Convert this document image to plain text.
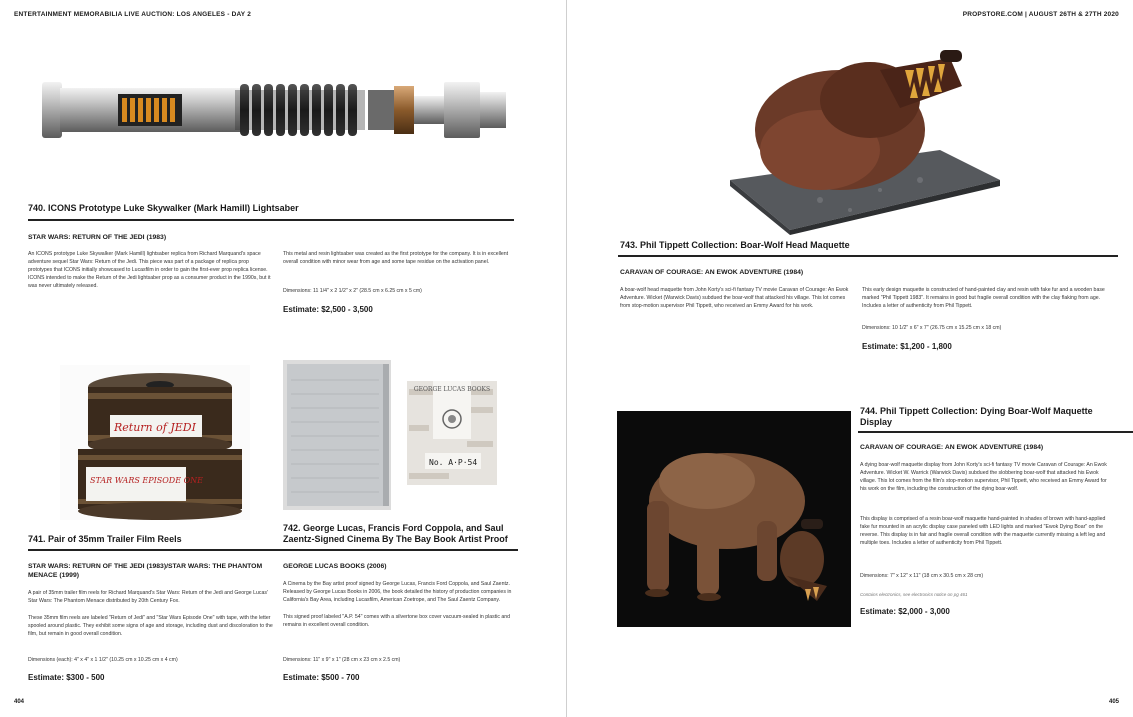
ENTERTAINMENT MEMORABILIA LIVE AUCTION: LOS ANGELES - DAY 2	PROPSTORE.COM | AUGUST 26TH & 27TH 2020
740. ICONS Prototype Luke Skywalker (Mark Hamill) Lightsaber
STAR WARS: RETURN OF THE JEDI (1983)
An ICONS prototype Luke Skywalker (Mark Hamill) lightsaber replica from Richard Marquand's space adventure sequel Star Wars: Return of the Jedi. This piece was part of a package of replica prop prototypes that ICONS initially showcased to Lucasfilm in order to gain the first-ever prop replica license. ICONS intended to make the Return of the Jedi lightsaber prop as a consumer product in the 1990s, but it was never ultimately released.
This metal and resin lightsaber was created as the first prototype for the company. It is in excellent overall condition with minor wear from age and some tape residue on the activation panel.
Dimensions: 11 1/4" x 2 1/2" x 2" (28.5 cm x 6.25 cm x 5 cm)
Estimate: $2,500 - 3,500
Return of JEDI
STAR WARS EPISODE ONE
741. Pair of 35mm Trailer Film Reels
STAR WARS: RETURN OF THE JEDI (1983)/STAR WARS: THE PHANTOM MENACE (1999)
A pair of 35mm trailer film reels for Richard Marquand's Star Wars: Return of the Jedi and George Lucas' Star Wars: The Phantom Menace distributed by 20th Century Fox.
These 35mm film reels are labeled "Return of Jedi" and "Star Wars Episode One" with tape, with the letter spooled around plastic. They exhibit some signs of age and storage, including dust and discoloration to the film, but remain in good overall condition.
Dimensions (each): 4" x 4" x 1 1/2" (10.25 cm x 10.25 cm x 4 cm)
Estimate: $300 - 500
GEORGE LUCAS BOOKS
No. A·P·54
742. George Lucas, Francis Ford Coppola, and Saul Zaentz-Signed Cinema By The Bay Book Artist Proof
GEORGE LUCAS BOOKS (2006)
A Cinema by the Bay artist proof signed by George Lucas, Francis Ford Coppola, and Saul Zaentz. Released by George Lucas Books in 2006, the book detailed the history of production companies in California's Bay Area, including Lucasfilm, American Zoetrope, and The Saul Zaentz Company.
This signed proof labeled "A.P. 54" comes with a silvertone box cover vacuum-sealed in plastic and remains in excellent overall condition.
Dimensions: 11" x 9" x 1" (28 cm x 23 cm x 2.5 cm)
Estimate: $500 - 700
743. Phil Tippett Collection: Boar-Wolf Head Maquette
CARAVAN OF COURAGE: AN EWOK ADVENTURE (1984)
A boar-wolf head maquette from John Korty's sci-fi fantasy TV movie Caravan of Courage: An Ewok Adventure. Wicket (Warwick Davis) subdued the boar-wolf that attacked his village. This lot comes from stop-motion supervisor Phil Tippett, who received an Emmy Award for his work.
This early design maquette is constructed of hand-painted clay and resin with fake fur and a wooden base marked "Phil Tippett 1983". It remains in good but fragile overall condition with the clay flaking from age. Includes a letter of authenticity from Phil Tippett.
Dimensions: 10 1/2" x 6" x 7" (26.75 cm x 15.25 cm x 18 cm)
Estimate: $1,200 - 1,800
744. Phil Tippett Collection: Dying Boar-Wolf Maquette Display
CARAVAN OF COURAGE: AN EWOK ADVENTURE (1984)
A dying boar-wolf maquette display from John Korty's sci-fi fantasy TV movie Caravan of Courage: An Ewok Adventure. Wicket W. Warrick (Warwick Davis) subdued the slobbering boar-wolf that attacked his Ewok village. This lot comes from the film's stop-motion supervisor, Phil Tippett, who received an Emmy Award for his work on the film, including the construction of the dying boar-wolf.
This display is comprised of a resin boar-wolf maquette hand-painted in shades of brown with hand-applied fake fur mounted in an acrylic display case paneled with LED lights and marked "Ewok Dying Boar" on the reverse. This display is in fair and fragile overall condition with the maquette currently missing a left leg and multiple toes. Includes a letter of authenticity from Phil Tippett.
Dimensions: 7" x 12" x 11" (18 cm x 30.5 cm x 28 cm)
Contains electronics, see electronics notice on pg 461
Estimate: $2,000 - 3,000
404	405
